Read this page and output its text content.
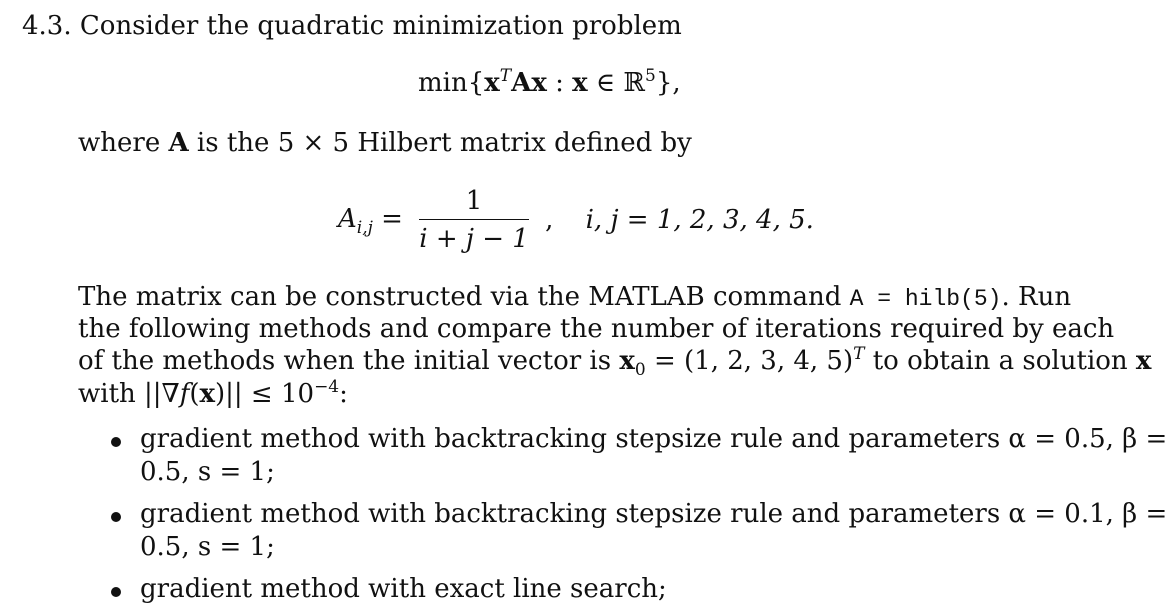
4.3. Consider the quadratic minimization problem
$\min\{x^TAx$ : x ∈ ℝ$^5$},
where A is the 5 × 5 Hilbert matrix defined by
$A_{i,j} = \frac{1}{i + j - 1}$ , i, j = 1, 2, 3, 4, 5.
The matrix can be constructed via the MATLAB command A = hilb(5). Run
the following methods and compare the number of iterations required by each
of the methods when the initial vector is $x_0 = (1$, 2, 3, 4, 5)$^T$ to obtain a solution x
with $||\nabla f(x)|| \le 10^{-4}$:
gradient method with backtracking stepsize rule and parameters α = 0.5, β =
0.5, s = 1;
gradient method with backtracking stepsize rule and parameters α = 0.1, β =
0.5, s = 1;
gradient method with exact line search;
